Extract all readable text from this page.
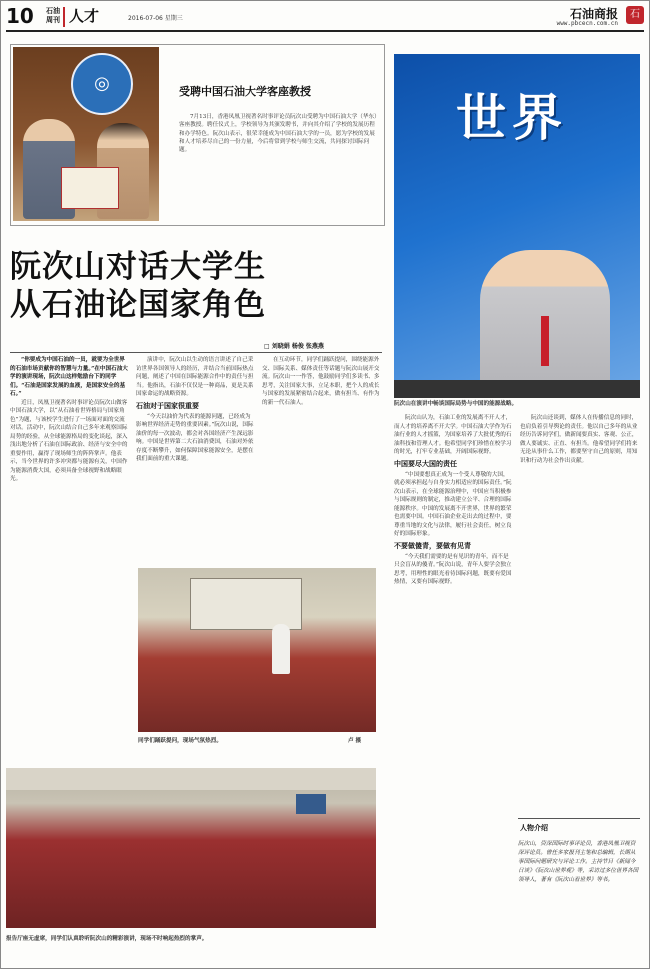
10 石油周刊 人才	2016-07-06 星期三	石油商报
www.pbcecn.com.cn
石
◎	受聘中国石油大学客座教授
7月13日，香港凤凰卫视著名时事评论员阮次山受聘为中国石油大学（华东）客座教授。聘任仪式上，学校领导为其颁发聘书，并向其介绍了学校的发展历程和办学特色。阮次山表示，很荣幸能成为中国石油大学的一员，愿为学校的发展和人才培养尽自己的一份力量，今后将常到学校与师生交流，共同探讨国际问题。
世界
阮次山在演讲中畅谈国际局势与中国的能源战略。
阮次山对话大学生
从石油论国家角色
□ 刘晓娟 杨俊 张燕燕

“你要成为中国石油的一员，就要为全世界的石油市场贡献你的智慧与力量。”在中国石油大学的演讲现场，阮次山这样勉励台下的同学们。“石油是国家发展的血液，是国家安全的基石。”

近日，凤凰卫视著名时事评论员阮次山做客中国石油大学，以“从石油看世界格局与国家角色”为题，与该校学生进行了一场面对面的交流对话。活动中，阮次山结合自己多年来观察国际局势的经验，从全球能源格局的变化谈起，深入浅出地分析了石油在国际政治、经济与安全中的重要作用，赢得了现场师生的阵阵掌声。他表示，当今世界的许多冲突都与能源有关，中国作为能源消费大国，必须具备全球视野和战略眼光。

演讲中，阮次山以生动的语言讲述了自己采访世界各国领导人的经历，并结合当前国际热点问题，阐述了中国在国际能源合作中的责任与担当。他指出，石油不仅仅是一种商品，更是关系国家命运的战略资源。

石油对于国家很重要

“今天以油价为代表的能源问题，已经成为影响世界经济走势的重要因素。”阮次山说，国际油价的每一次波动，都会对各国经济产生深远影响。中国是世界第二大石油消费国，石油对外依存度不断攀升，如何保障国家能源安全，是摆在我们面前的重大课题。

在互动环节，同学们踊跃提问，围绕能源外交、国际关系、媒体责任等话题与阮次山展开交流。阮次山一一作答，他鼓励同学们多读书、多思考，关注国家大事，立足本职，把个人的成长与国家的发展紧密结合起来，做有担当、有作为的新一代石油人。

同学们踊跃提问，现场气氛热烈。	卢 摄
报告厅座无虚席，同学们认真聆听阮次山的精彩演讲，现场不时响起热烈的掌声。

阮次山认为，石油工业的发展离不开人才，而人才的培养离不开大学。中国石油大学作为石油行业的人才摇篮，为国家培养了大批优秀的石油科技和管理人才。他希望同学们珍惜在校学习的时光，打牢专业基础，开阔国际视野。

中国要尽大国的责任

“中国要想真正成为一个受人尊敬的大国，就必须承担起与自身实力相适应的国际责任。”阮次山表示，在全球能源治理中，中国应当积极参与国际规则的制定，推动建立公平、合理的国际能源秩序。中国的发展离不开世界，世界的繁荣也需要中国。中国石油企业走出去的过程中，要尊重当地的文化与法律，履行社会责任，树立良好的国际形象。

不要做傻青，要做有见青

“今天我们需要的是有见识的青年，而不是只会盲从的傻青。”阮次山说，青年人要学会独立思考，用理性的眼光看待国际问题，既要有爱国热情，又要有国际视野。

阮次山还谈到，媒体人在传播信息的同时，也肩负着引导舆论的责任。他以自己多年的从业经历告诉同学们，做新闻要真实、客观、公正，做人要诚实、正直、有担当。他希望同学们将来无论从事什么工作，都要坚守自己的原则，用知识和行动为社会作出贡献。

人物介绍
阮次山，资深国际时事评论员，香港凤凰卫视资深评论员。曾任多家报刊主笔和总编辑，长期从事国际问题研究与评论工作。主持节目《新闻今日谈》《阮次山世界观》等，采访过多位世界各国领导人，著有《阮次山看世界》等书。
